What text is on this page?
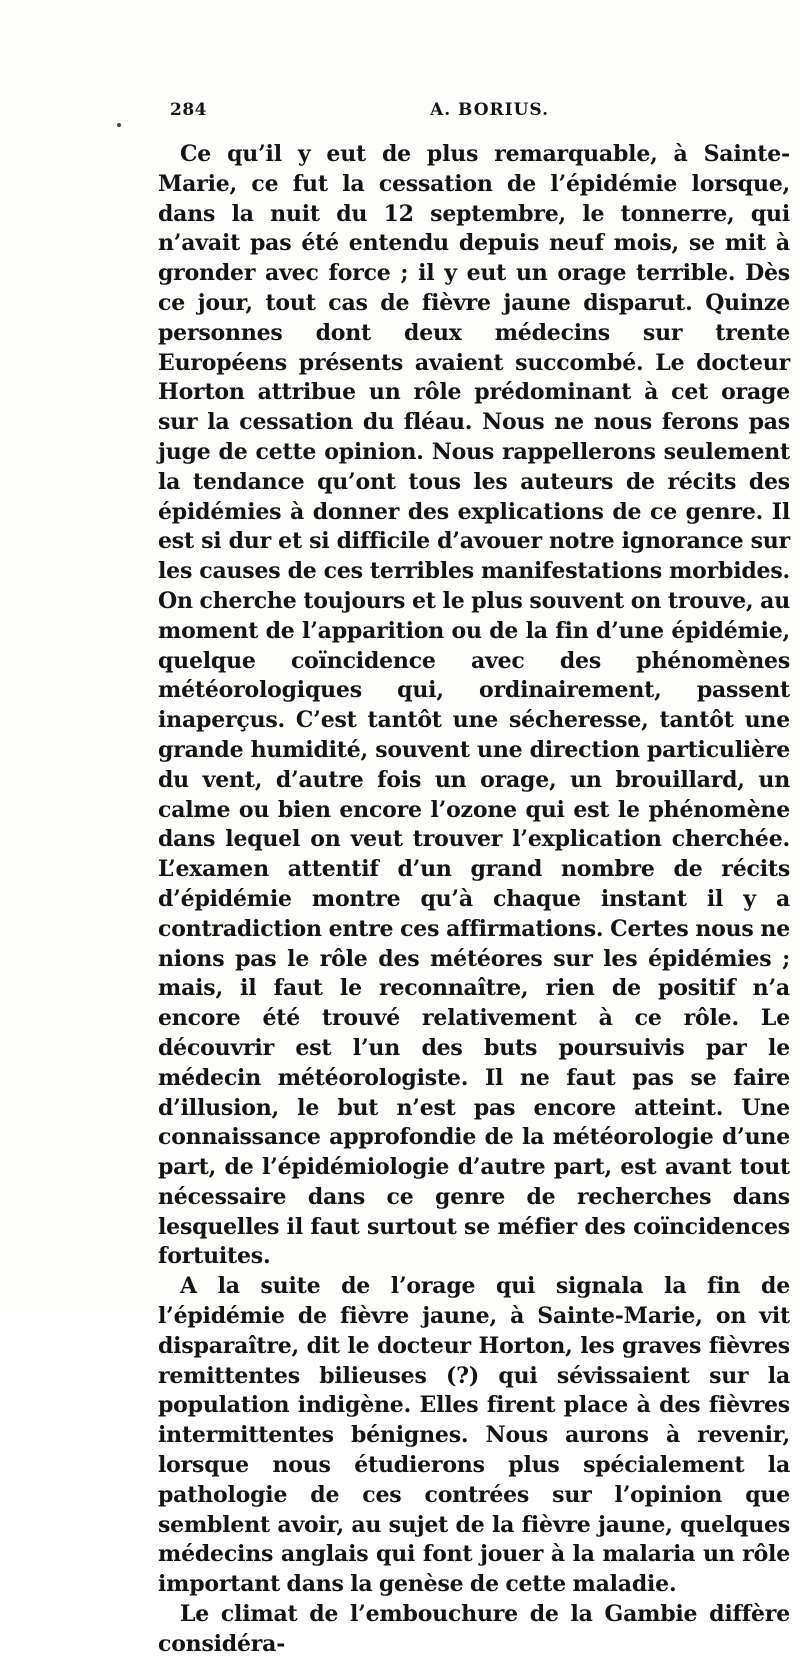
284	A. BORIUS.

Ce qu’il y eut de plus remarquable, à Sainte-Marie, ce fut la cessation de l’épidémie lorsque, dans la nuit du 12 septembre, le tonnerre, qui n’avait pas été entendu depuis neuf mois, se mit à gronder avec force ; il y eut un orage terrible. Dès ce jour, tout cas de fièvre jaune disparut. Quinze personnes dont deux médecins sur trente Européens présents avaient succombé. Le docteur Horton attribue un rôle prédominant à cet orage sur la cessation du fléau. Nous ne nous ferons pas juge de cette opinion. Nous rappellerons seulement la tendance qu’ont tous les auteurs de récits des épidémies à donner des explications de ce genre. Il est si dur et si difficile d’avouer notre ignorance sur les causes de ces terribles manifestations morbides. On cherche toujours et le plus souvent on trouve, au moment de l’apparition ou de la fin d’une épidémie, quelque coïncidence avec des phénomènes météorologiques qui, ordinairement, passent inaperçus. C’est tantôt une sécheresse, tantôt une grande humidité, souvent une direction particulière du vent, d’autre fois un orage, un brouillard, un calme ou bien encore l’ozone qui est le phénomène dans lequel on veut trouver l’explication cherchée. L’examen attentif d’un grand nombre de récits d’épidémie montre qu’à chaque instant il y a contradiction entre ces affirmations. Certes nous ne nions pas le rôle des météores sur les épidémies ; mais, il faut le reconnaître, rien de positif n’a encore été trouvé relativement à ce rôle. Le découvrir est l’un des buts poursuivis par le médecin météorologiste. Il ne faut pas se faire d’illusion, le but n’est pas encore atteint. Une connaissance approfondie de la météorologie d’une part, de l’épidémiologie d’autre part, est avant tout nécessaire dans ce genre de recherches dans lesquelles il faut surtout se méfier des coïncidences fortuites.

A la suite de l’orage qui signala la fin de l’épidémie de fièvre jaune, à Sainte-Marie, on vit disparaître, dit le docteur Horton, les graves fièvres remittentes bilieuses (?) qui sévissaient sur la population indigène. Elles firent place à des fièvres intermittentes bénignes. Nous aurons à revenir, lorsque nous étudierons plus spécialement la pathologie de ces contrées sur l’opinion que semblent avoir, au sujet de la fièvre jaune, quelques médecins anglais qui font jouer à la malaria un rôle important dans la genèse de cette maladie.

Le climat de l’embouchure de la Gambie diffère considéra-
